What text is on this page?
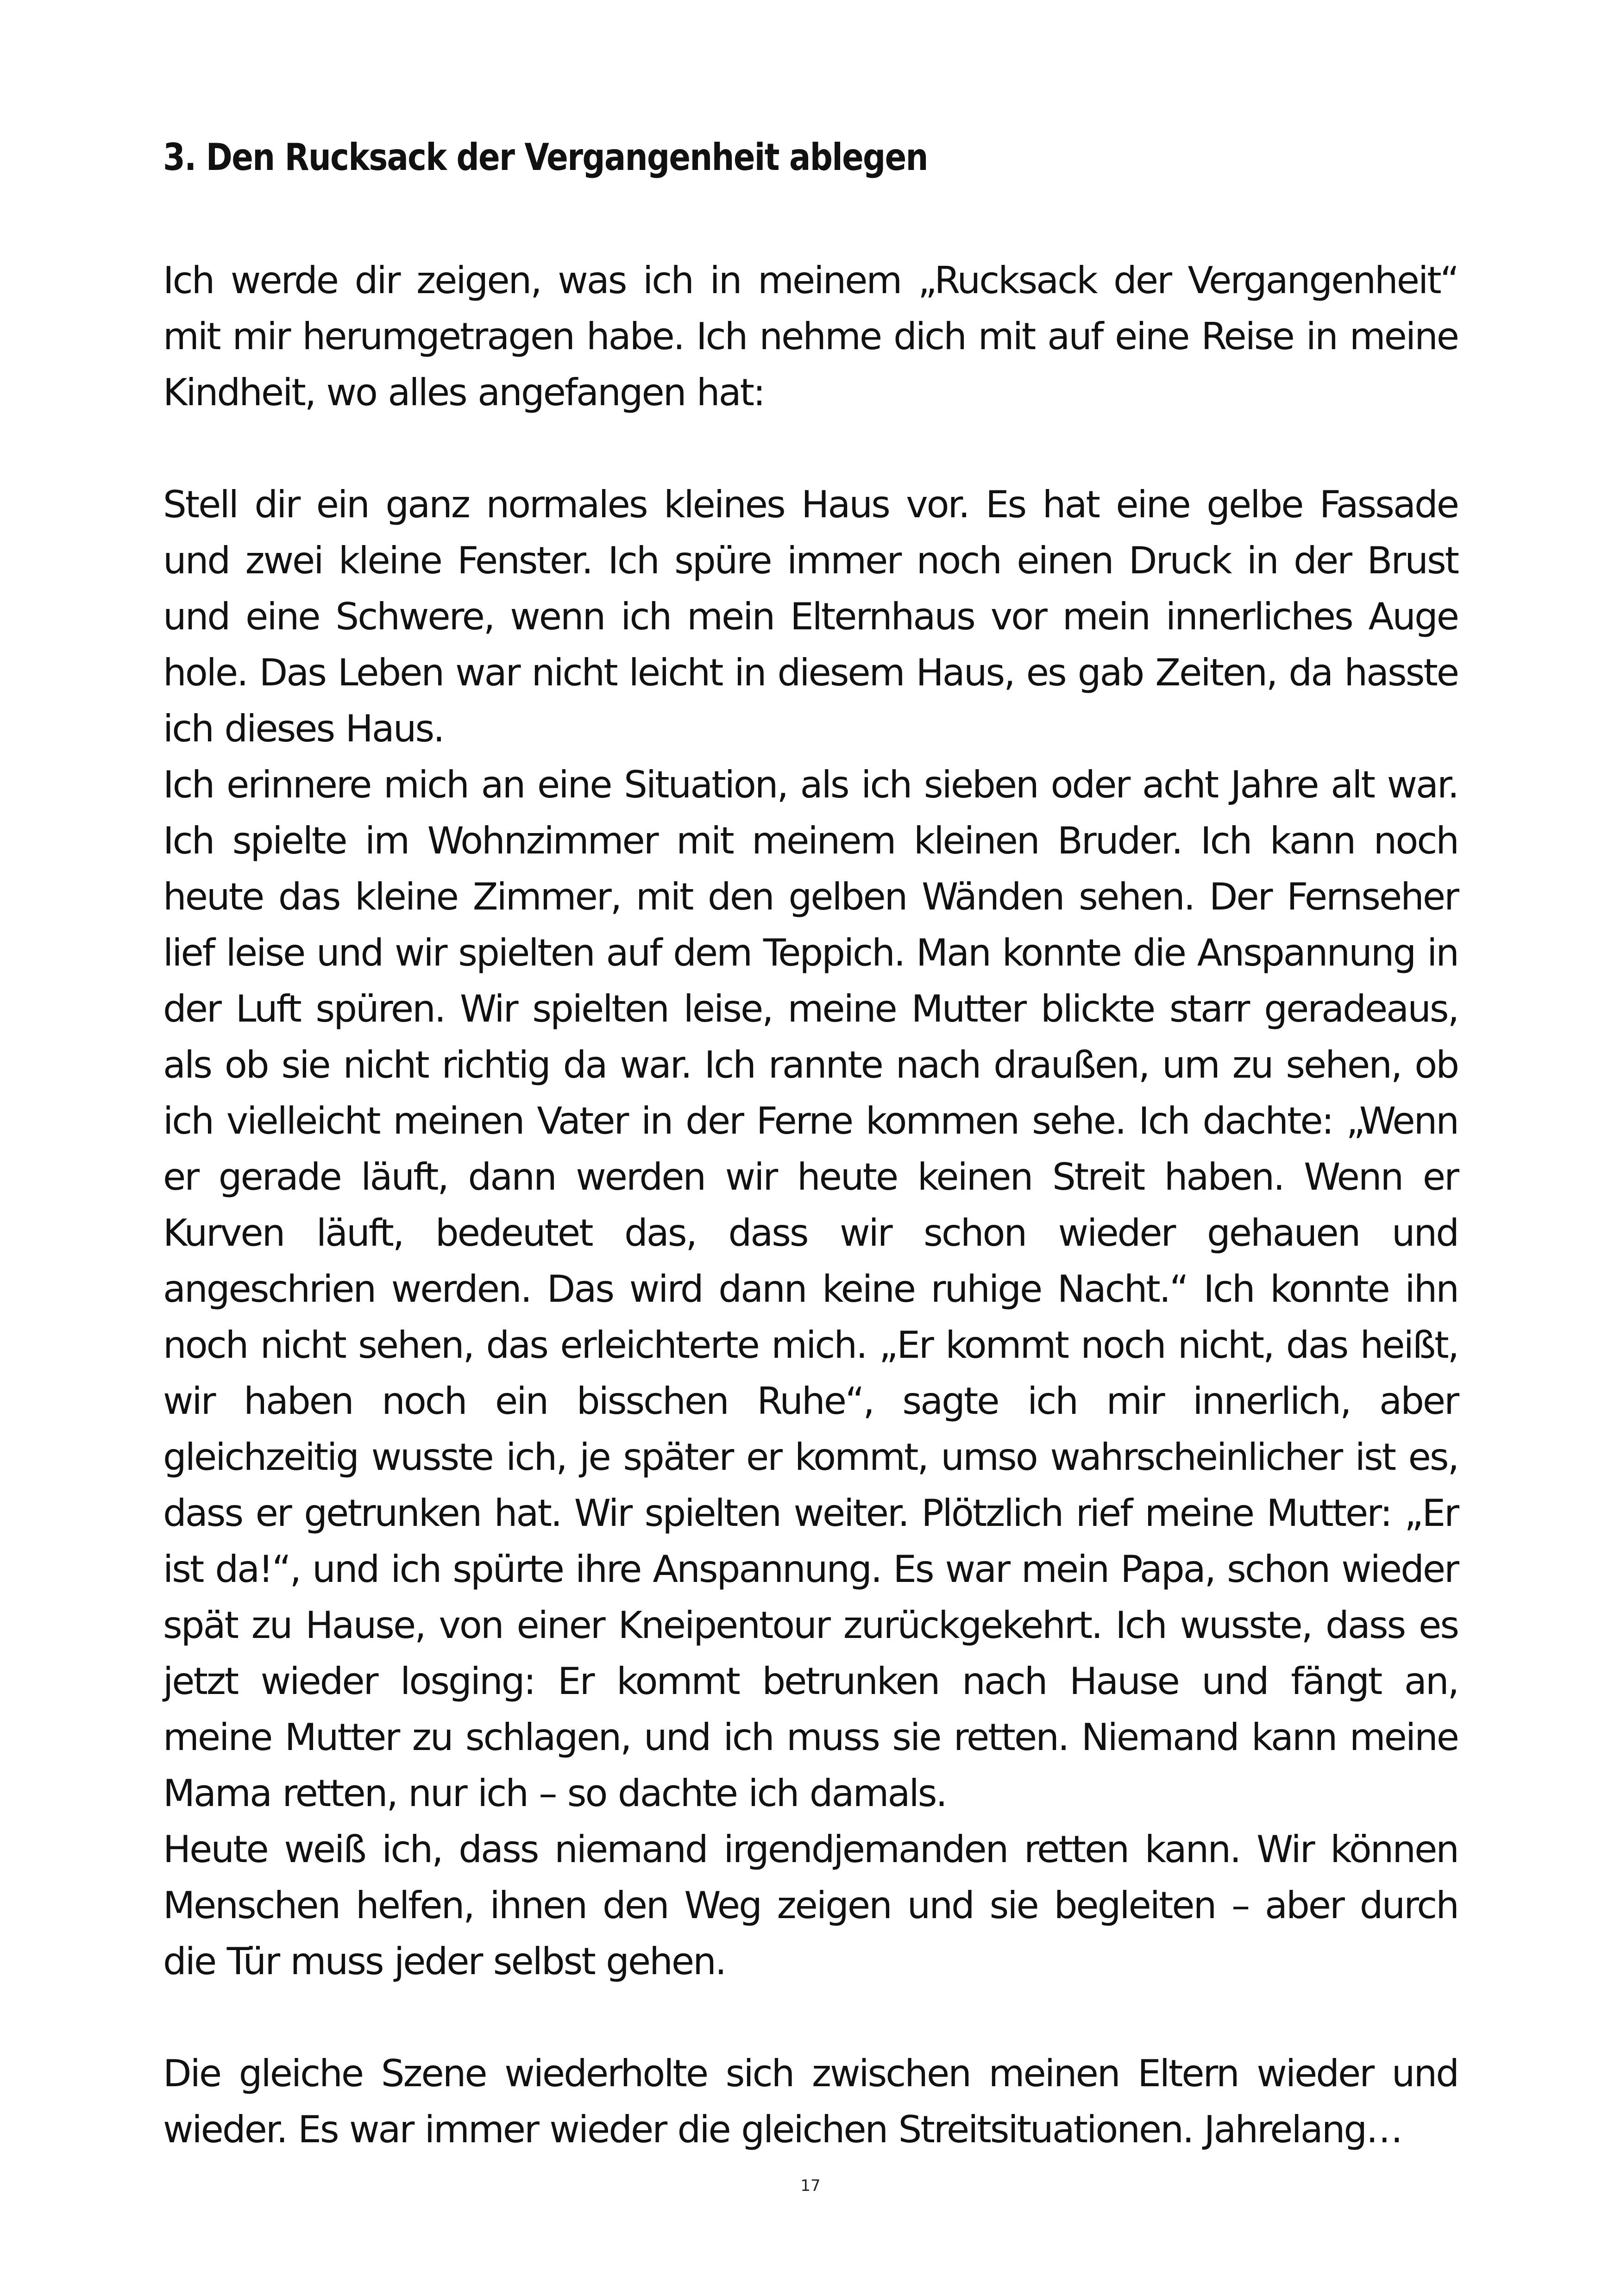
3. Den Rucksack der Vergangenheit ablegen

Ich werde dir zeigen, was ich in meinem „Rucksack der Vergangenheit“ mit mir herumgetragen habe. Ich nehme dich mit auf eine Reise in meine Kindheit, wo alles angefangen hat:

Stell dir ein ganz normales kleines Haus vor. Es hat eine gelbe Fassade und zwei kleine Fenster. Ich spüre immer noch einen Druck in der Brust und eine Schwere, wenn ich mein Elternhaus vor mein innerliches Auge hole. Das Leben war nicht leicht in diesem Haus, es gab Zeiten, da hasste ich dieses Haus.

Ich erinnere mich an eine Situation, als ich sieben oder acht Jahre alt war. Ich spielte im Wohnzimmer mit meinem kleinen Bruder. Ich kann noch heute das kleine Zimmer, mit den gelben Wänden sehen. Der Fernseher lief leise und wir spielten auf dem Teppich. Man konnte die Anspannung in der Luft spüren. Wir spielten leise, meine Mutter blickte starr geradeaus, als ob sie nicht richtig da war. Ich rannte nach draußen, um zu sehen, ob ich vielleicht meinen Vater in der Ferne kommen sehe. Ich dachte: „Wenn er gerade läuft, dann werden wir heute keinen Streit haben. Wenn er Kurven läuft, bedeutet das, dass wir schon wieder gehauen und angeschrien werden. Das wird dann keine ruhige Nacht.“ Ich konnte ihn noch nicht sehen, das erleichterte mich. „Er kommt noch nicht, das heißt, wir haben noch ein bisschen Ruhe“, sagte ich mir innerlich, aber gleichzeitig wusste ich, je später er kommt, umso wahrscheinlicher ist es, dass er getrunken hat. Wir spielten weiter. Plötzlich rief meine Mutter: „Er ist da!“, und ich spürte ihre Anspannung. Es war mein Papa, schon wieder spät zu Hause, von einer Kneipentour zurückgekehrt. Ich wusste, dass es jetzt wieder losging: Er kommt betrunken nach Hause und fängt an, meine Mutter zu schlagen, und ich muss sie retten. Niemand kann meine Mama retten, nur ich – so dachte ich damals.

Heute weiß ich, dass niemand irgendjemanden retten kann. Wir können Menschen helfen, ihnen den Weg zeigen und sie begleiten – aber durch die Tür muss jeder selbst gehen.

Die gleiche Szene wiederholte sich zwischen meinen Eltern wieder und wieder. Es war immer wieder die gleichen Streitsituationen. Jahrelang…

17
